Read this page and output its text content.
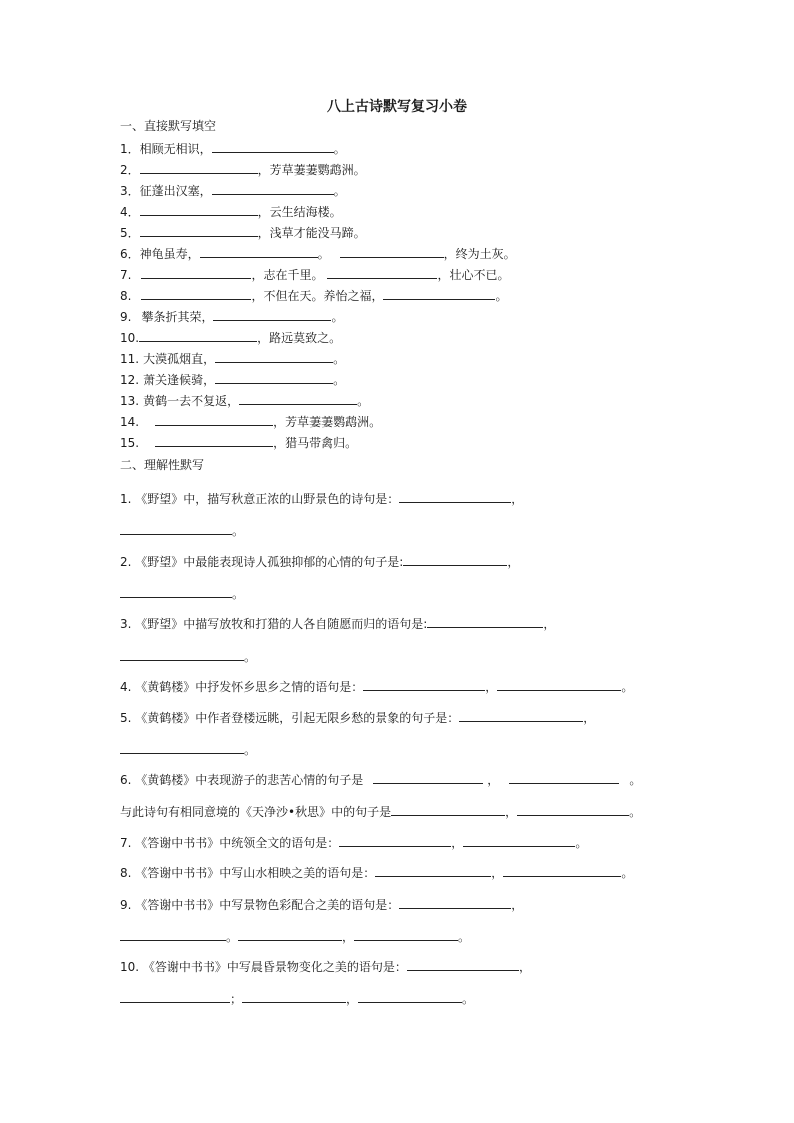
八上古诗默写复习小卷
一、直接默写填空
1．相顾无相识，	。
2．	，芳草萋萋鹦鹉洲。
3．征蓬出汉塞，	。
4．	，云生结海楼。
5．	，浅草才能没马蹄。
6．神龟虽寿，	。	，终为土灰。
7.	，志在千里。	，壮心不已。
8.	，不但在天。养怡之福，	。
9. 攀条折其荣，	。
10.	，路远莫致之。
11. 大漠孤烟直，	。
12. 萧关逢候骑，	。
13. 黄鹤一去不复返，	。
14.	，芳草萋萋鹦鹉洲。
15.	，猎马带禽归。
二、理解性默写
1. 《野望》中，描写秋意正浓的山野景色的诗句是：	，
。
2. 《野望》中最能表现诗人孤独抑郁的心情的句子是:	，
。
3. 《野望》中描写放牧和打猎的人各自随愿而归的语句是:	，
。
4. 《黄鹤楼》中抒发怀乡思乡之情的语句是：	，	。
5. 《黄鹤楼》中作者登楼远眺，引起无限乡愁的景象的句子是：	，
。
6. 《黄鹤楼》中表现游子的悲苦心情的句子是	，	。
与此诗句有相同意境的《天净沙•秋思》中的句子是	，	。
7. 《答谢中书书》中统领全文的语句是：	，	。
8. 《答谢中书书》中写山水相映之美的语句是：	，	。
9. 《答谢中书书》中写景物色彩配合之美的语句是：	，
。	，	。
10. 《答谢中书书》中写晨昏景物变化之美的语句是：	，
；	，	。
